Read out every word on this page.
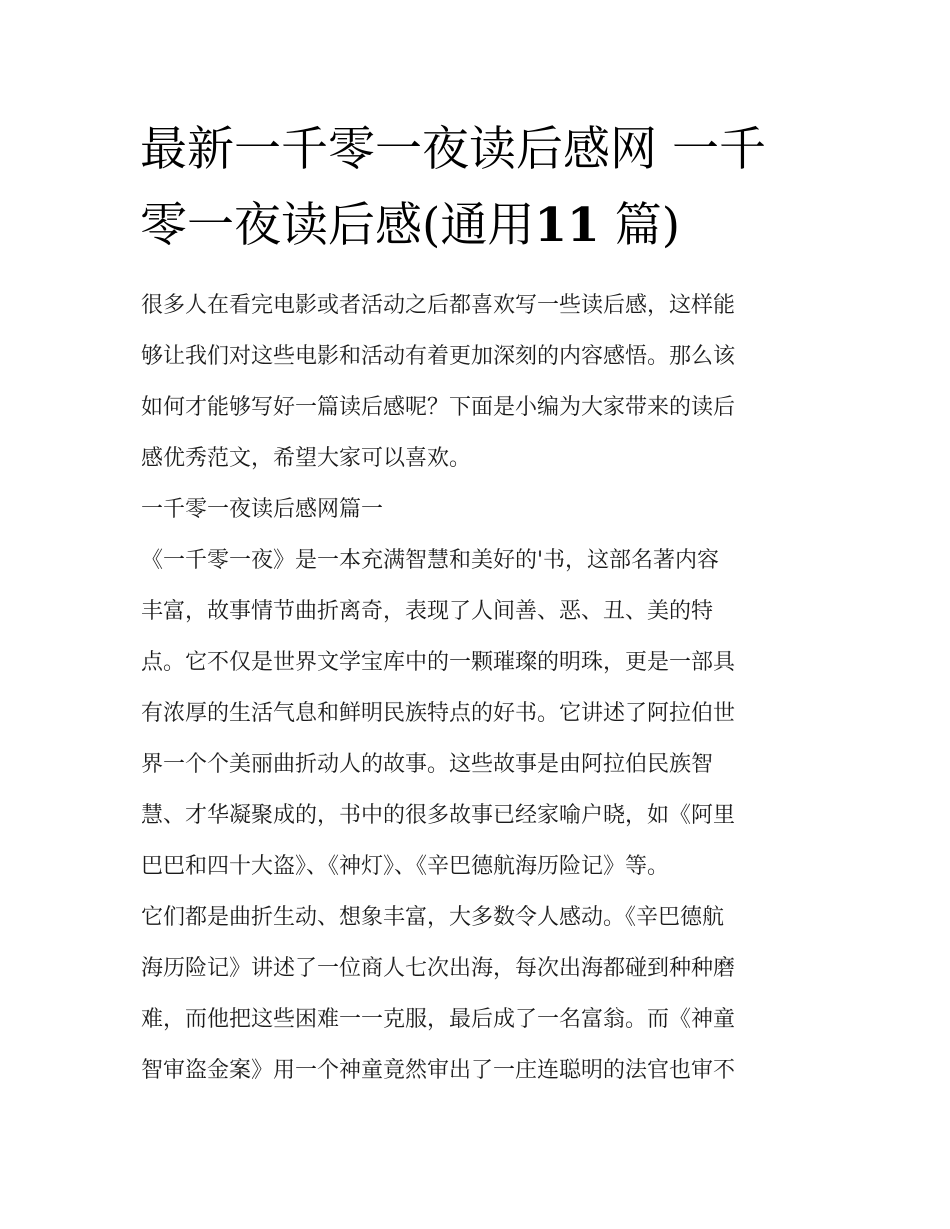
最新一千零一夜读后感网 一千
零一夜读后感(通用11 篇)

很多人在看完电影或者活动之后都喜欢写一些读后感，这样能
够让我们对这些电影和活动有着更加深刻的内容感悟。那么该
如何才能够写好一篇读后感呢？下面是小编为大家带来的读后
感优秀范文，希望大家可以喜欢。

一千零一夜读后感网篇一

《一千零一夜》是一本充满智慧和美好的'书，这部名著内容
丰富，故事情节曲折离奇，表现了人间善、恶、丑、美的特
点。它不仅是世界文学宝库中的一颗璀璨的明珠，更是一部具
有浓厚的生活气息和鲜明民族特点的好书。它讲述了阿拉伯世
界一个个美丽曲折动人的故事。这些故事是由阿拉伯民族智
慧、才华凝聚成的，书中的很多故事已经家喻户晓，如《阿里
巴巴和四十大盗》、《神灯》、《辛巴德航海历险记》等。
它们都是曲折生动、想象丰富，大多数令人感动。《辛巴德航
海历险记》讲述了一位商人七次出海，每次出海都碰到种种磨
难，而他把这些困难一一克服，最后成了一名富翁。而《神童
智审盗金案》用一个神童竟然审出了一庄连聪明的法官也审不
